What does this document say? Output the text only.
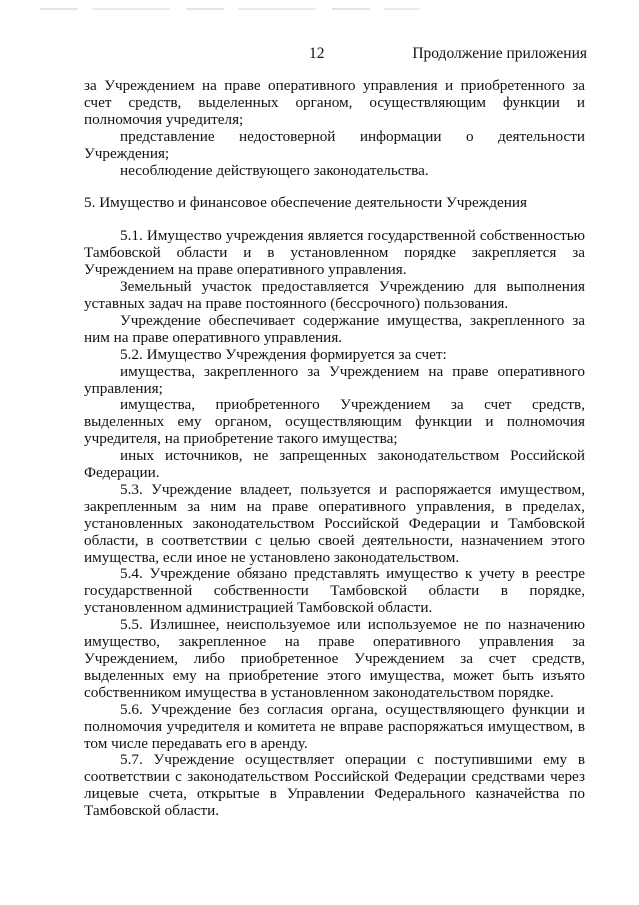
12	Продолжение приложения

за Учреждением на праве оперативного управления и приобретенного за счет средств, выделенных органом, осуществляющим функции и полномочия учредителя;

представление недостоверной информации о деятельности Учреждения;

несоблюдение действующего законодательства.

5. Имущество и финансовое обеспечение деятельности Учреждения

5.1. Имущество учреждения является государственной собственностью Тамбовской области и в установленном порядке закрепляется за Учреждением на праве оперативного управления.

Земельный участок предоставляется Учреждению для выполнения уставных задач на праве постоянного (бессрочного) пользования.

Учреждение обеспечивает содержание имущества, закрепленного за ним на праве оперативного управления.

5.2. Имущество Учреждения формируется за счет:

имущества, закрепленного за Учреждением на праве оперативного управления;

имущества, приобретенного Учреждением за счет средств, выделенных ему органом, осуществляющим функции и полномочия учредителя, на приобретение такого имущества;

иных источников, не запрещенных законодательством Российской Федерации.

5.3. Учреждение владеет, пользуется и распоряжается имуществом, закрепленным за ним на праве оперативного управления, в пределах, установленных законодательством Российской Федерации и Тамбовской области, в соответствии с целью своей деятельности, назначением этого имущества, если иное не установлено законодательством.

5.4. Учреждение обязано представлять имущество к учету в реестре государственной собственности Тамбовской области в порядке, установленном администрацией Тамбовской области.

5.5. Излишнее, неиспользуемое или используемое не по назначению имущество, закрепленное на праве оперативного управления за Учреждением, либо приобретенное Учреждением за счет средств, выделенных ему на приобретение этого имущества, может быть изъято собственником имущества в установленном законодательством порядке.

5.6. Учреждение без согласия органа, осуществляющего функции и полномочия учредителя и комитета не вправе распоряжаться имуществом, в том числе передавать его в аренду.

5.7. Учреждение осуществляет операции с поступившими ему в соответствии с законодательством Российской Федерации средствами через лицевые счета, открытые в Управлении Федерального казначейства по Тамбовской области.
